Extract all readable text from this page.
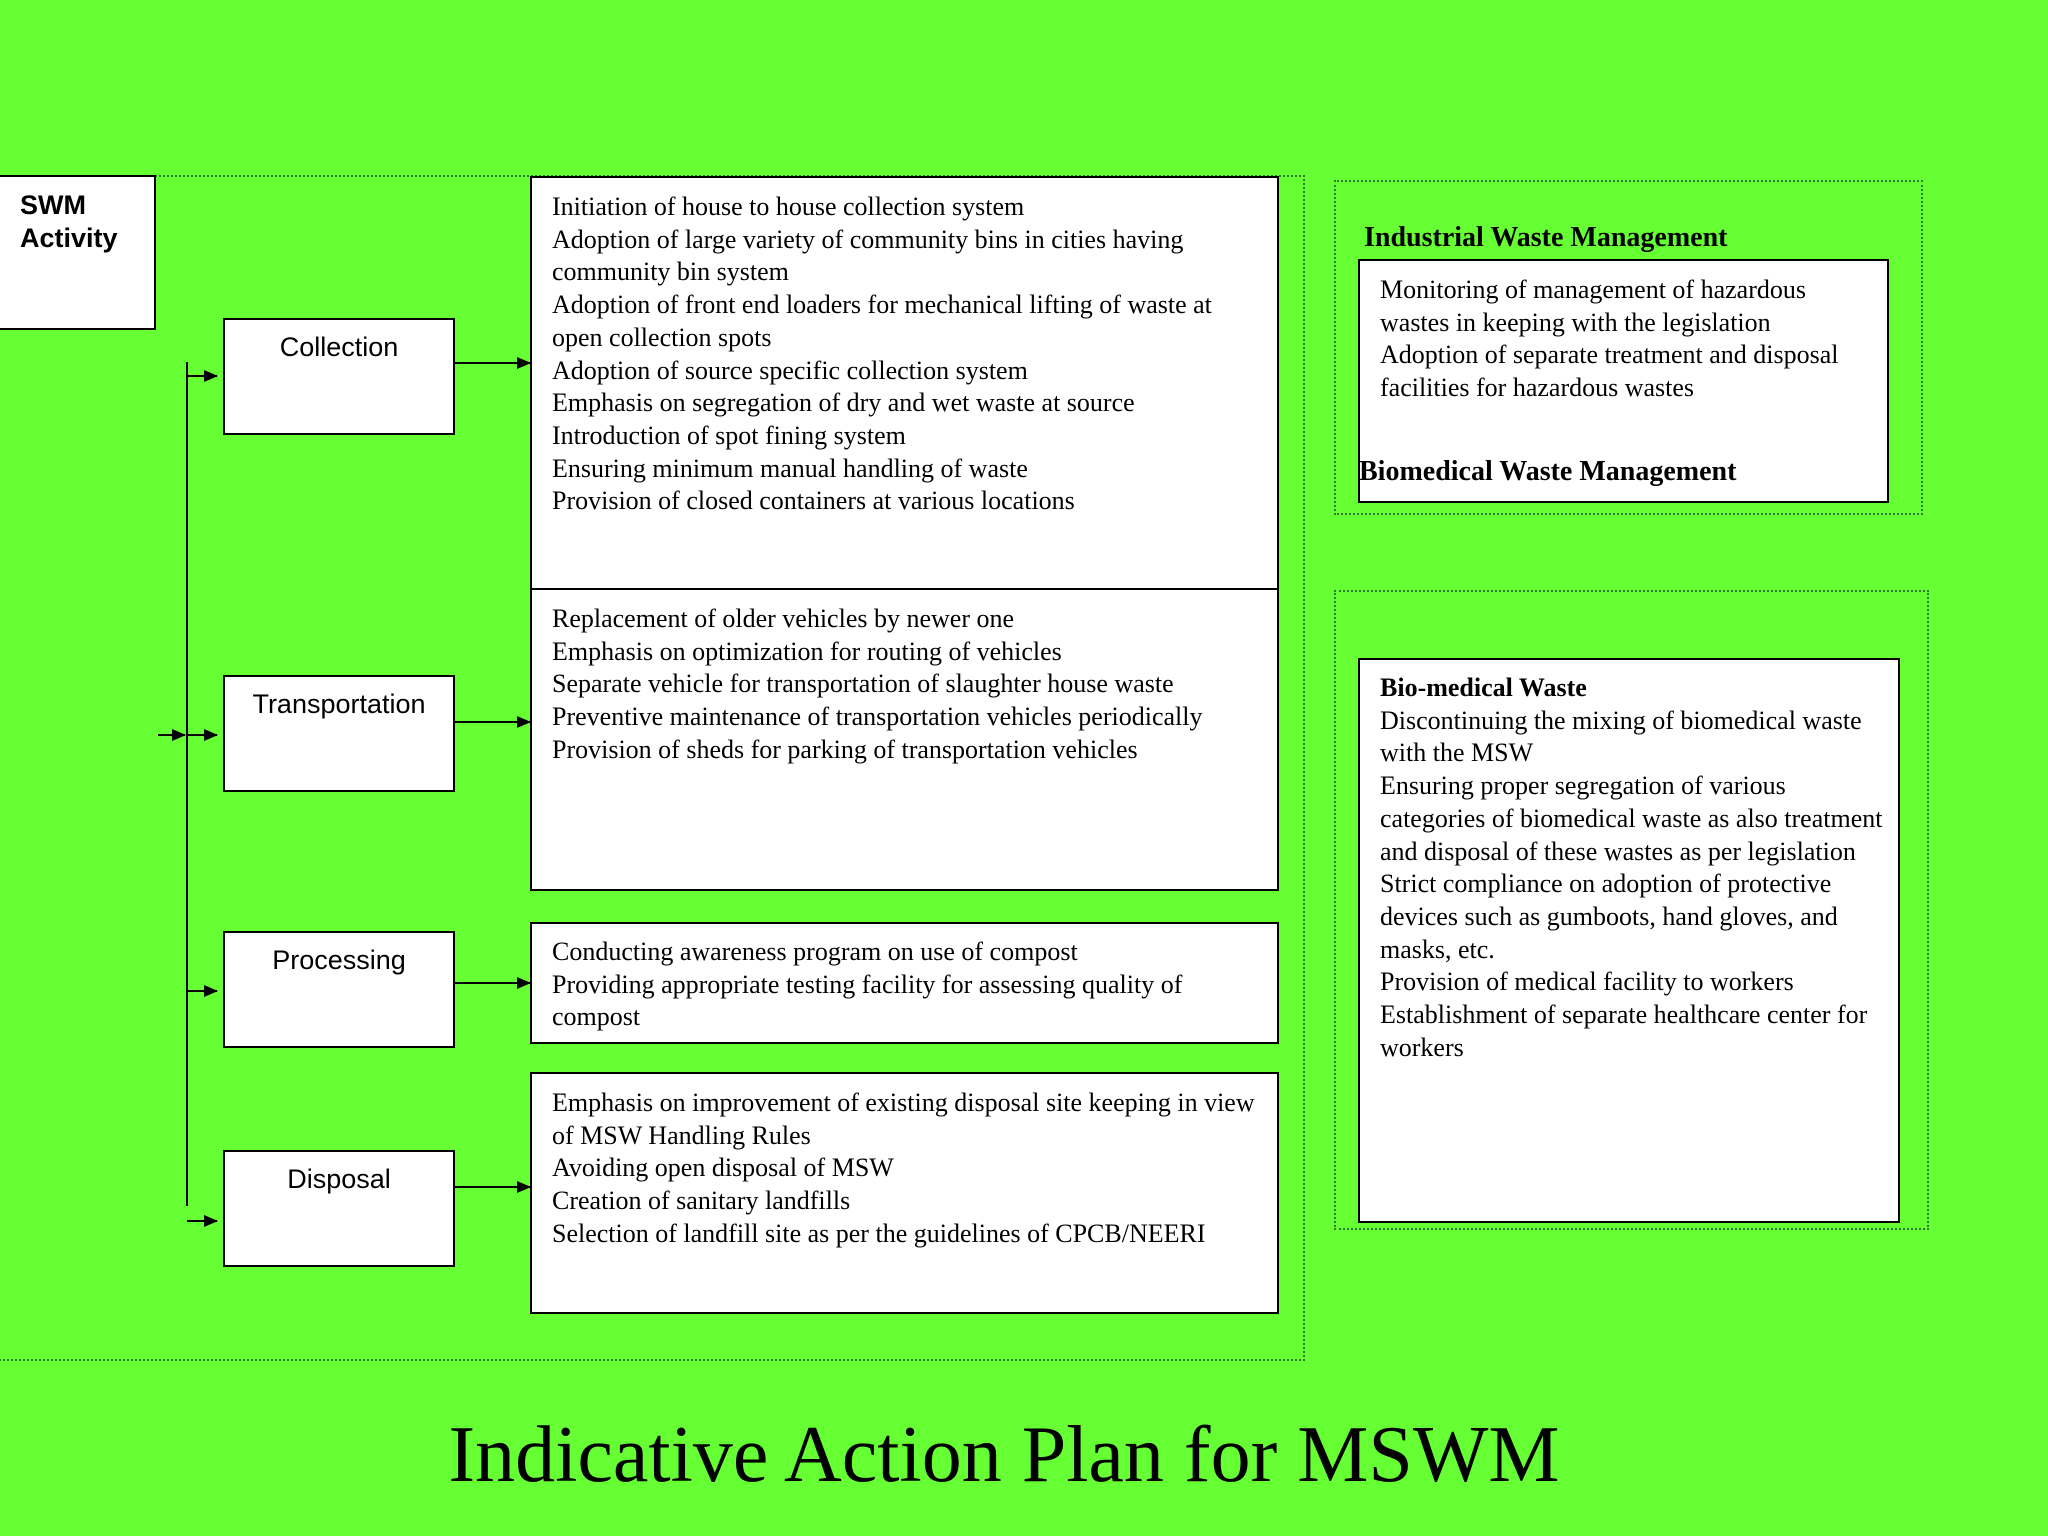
SWM
Activity
Collection
Transportation
Processing
Disposal
Initiation of house to house collection system
Adoption of large variety of community bins in cities having community bin system
Adoption of front end loaders for mechanical lifting of waste at open collection spots
Adoption of source specific collection system
Emphasis on segregation of dry and wet waste at source
Introduction of spot fining system
Ensuring minimum manual handling of waste
Provision of closed containers at various locations
Replacement of older vehicles by newer one
Emphasis on optimization for routing of vehicles
Separate vehicle for transportation of slaughter house waste
Preventive maintenance of transportation vehicles periodically
Provision of sheds for parking of transportation vehicles
Conducting awareness program on use of compost
Providing appropriate testing facility for assessing quality of compost
Emphasis on improvement of existing disposal site keeping in view of MSW Handling Rules
Avoiding open disposal of MSW
Creation of sanitary landfills
Selection of landfill site as per the guidelines of CPCB/NEERI
Industrial Waste Management
Monitoring of management of hazardous wastes in keeping with the legislation
Adoption of separate treatment and disposal facilities for hazardous wastes
Biomedical Waste Management
Bio-medical Waste
Discontinuing the mixing of biomedical waste with the MSW
Ensuring proper segregation of various categories of biomedical waste as also treatment and disposal of these wastes as per legislation
Strict compliance on adoption of protective devices such as gumboots, hand gloves, and masks, etc.
Provision of medical facility to workers
Establishment of separate healthcare center for workers
Indicative Action Plan for MSWM
